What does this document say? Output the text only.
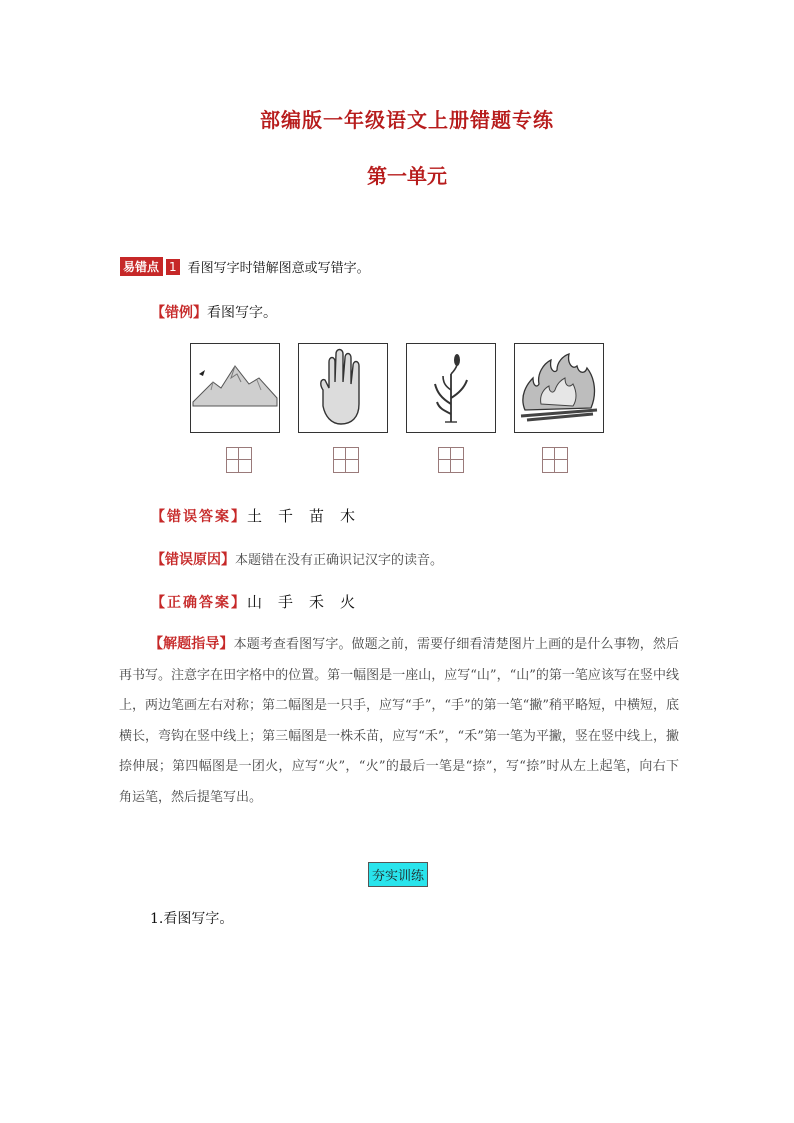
部编版一年级语文上册错题专练
第一单元
易错点 1 看图写字时错解图意或写错字。
【错例】看图写字。
【错误答案】土 千 苗 木
【错误原因】本题错在没有正确识记汉字的读音。
【正确答案】山 手 禾 火
【解题指导】本题考查看图写字。做题之前，需要仔细看清楚图片上画的是什么事物，然后再书写。注意字在田字格中的位置。第一幅图是一座山，应写“山”，“山”的第一笔应该写在竖中线上，两边笔画左右对称；第二幅图是一只手，应写“手”，“手”的第一笔“撇”稍平略短，中横短，底横长，弯钩在竖中线上；第三幅图是一株禾苗，应写“禾”，“禾”第一笔为平撇，竖在竖中线上，撇捺伸展；第四幅图是一团火，应写“火”，“火”的最后一笔是“捺”，写“捺”时从左上起笔，向右下角运笔，然后提笔写出。
夯实训练
1.看图写字。
